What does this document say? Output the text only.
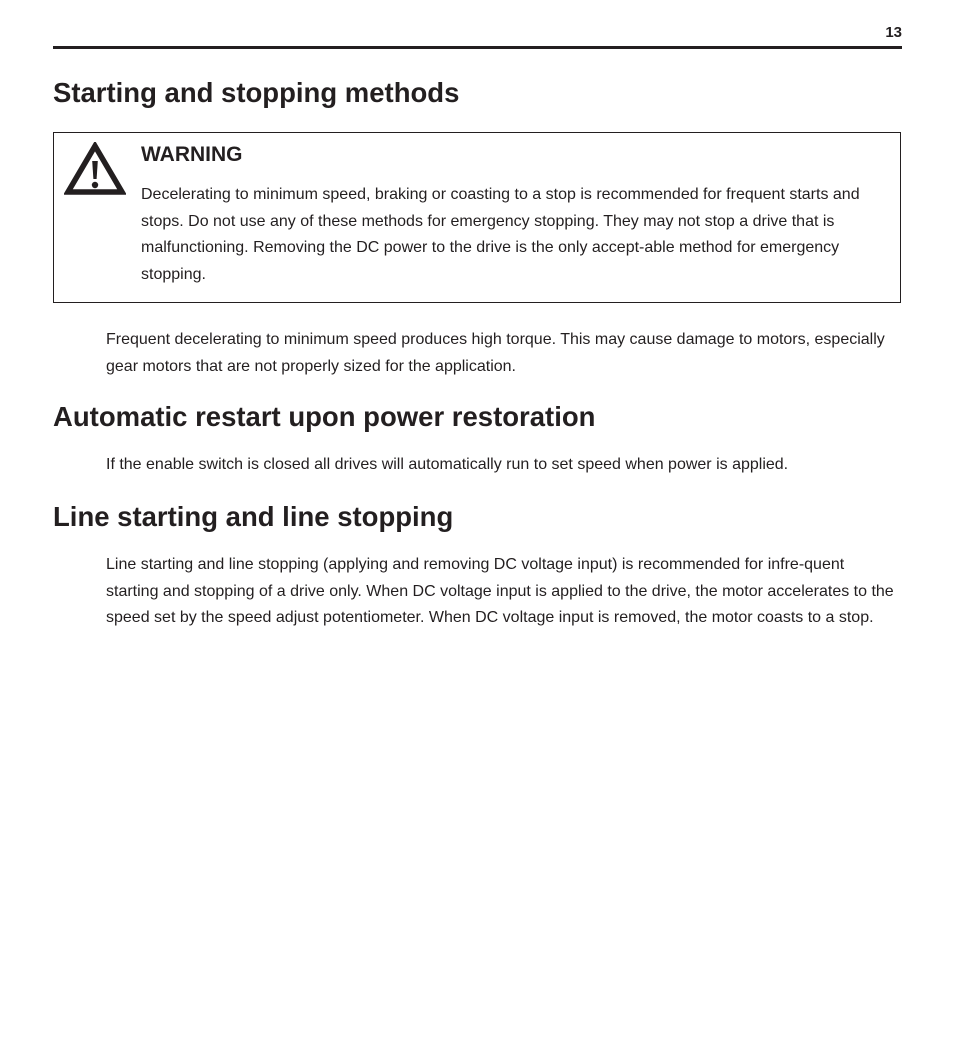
13
Starting and stopping methods
WARNING

Decelerating to minimum speed, braking or coasting to a stop is recommended for frequent starts and stops. Do not use any of these methods for emergency stopping. They may not stop a drive that is malfunctioning. Removing the DC power to the drive is the only accept-able method for emergency stopping.

Frequent decelerating to minimum speed produces high torque. This may cause damage to motors, especially gear motors that are not properly sized for the application.

Automatic restart upon power restoration

If the enable switch is closed all drives will automatically run to set speed when power is applied.

Line starting and line stopping

Line starting and line stopping (applying and removing DC voltage input) is recommended for infre-quent starting and stopping of a drive only. When DC voltage input is applied to the drive, the motor accelerates to the speed set by the speed adjust potentiometer. When DC voltage input is removed, the motor coasts to a stop.
